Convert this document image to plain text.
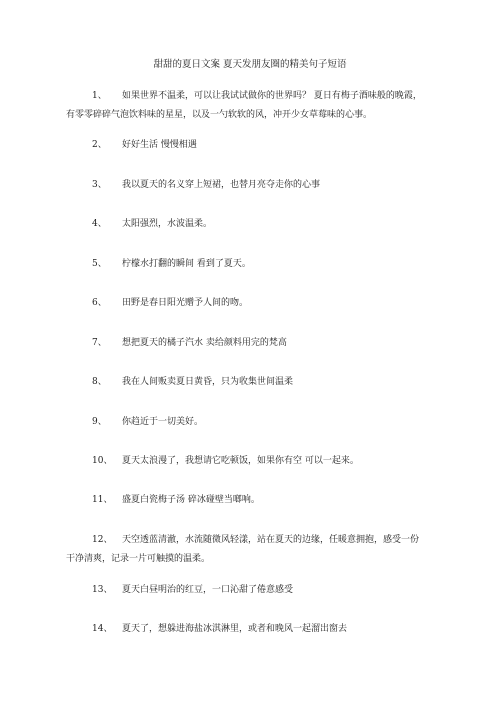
甜甜的夏日文案 夏天发朋友圈的精美句子短语
1、 如果世界不温柔，可以让我试试做你的世界吗？ 夏日有梅子酒味般的晚霞，
有零零碎碎气泡饮料味的星星，以及一勺软软的风，冲开少女草莓味的心事。
2、 好好生活 慢慢相遇
3、 我以夏天的名义穿上短裙，也替月亮夺走你的心事
4、 太阳强烈，水波温柔。
5、 柠檬水打翻的瞬间 看到了夏天。
6、 田野是春日阳光赠予人间的吻。
7、 想把夏天的橘子汽水 卖给颜料用完的梵高
8、 我在人间贩卖夏日黄昏，只为收集世间温柔
9、 你趋近于一切美好。
10、 夏天太浪漫了，我想请它吃顿饭，如果你有空 可以一起来。
11、 盛夏白瓷梅子汤 碎冰碰壁当啷响。
12、 天空透蓝清澈，水流随微风轻漾，站在夏天的边缘，任暖意拥抱，感受一份
干净清爽，记录一片可触摸的温柔。
13、 夏天白昼明治的红豆，一口沁甜了倦意感受
14、 夏天了，想躲进海盐冰淇淋里，或者和晚风一起溜出窗去
